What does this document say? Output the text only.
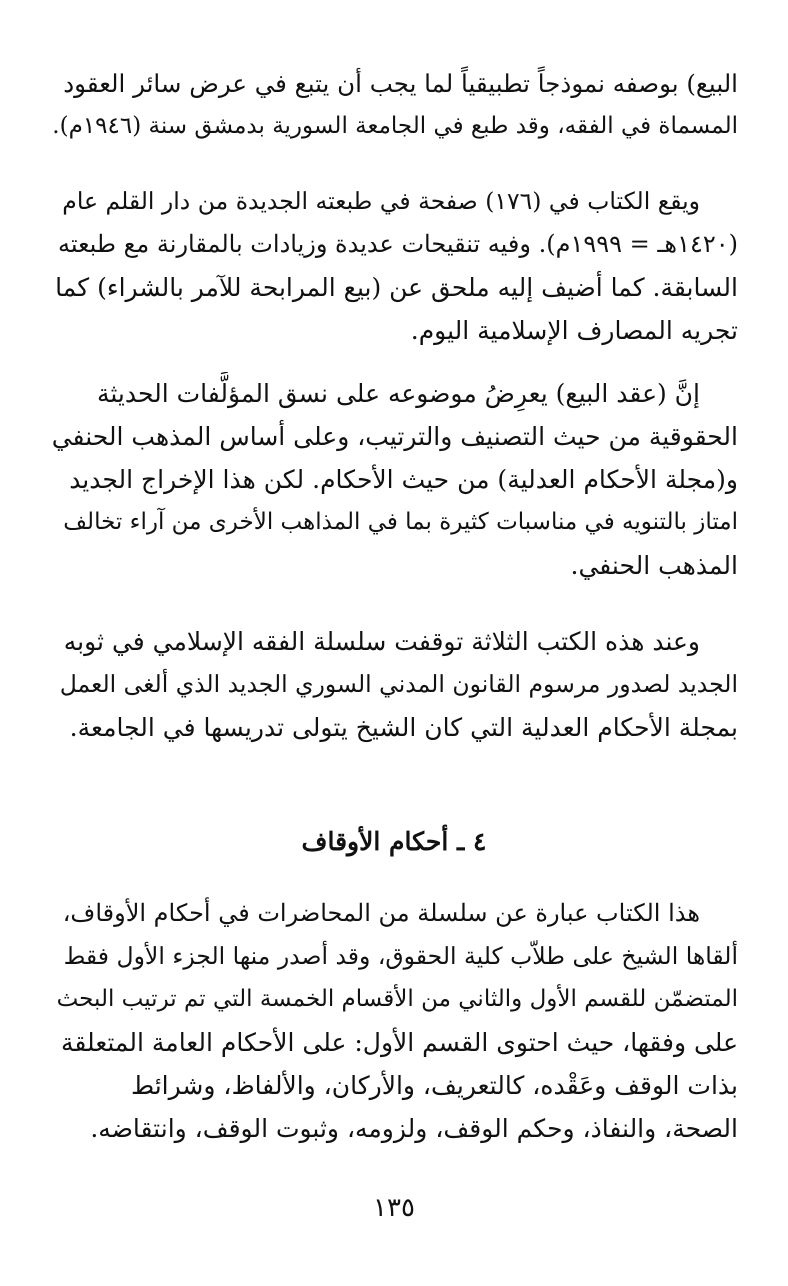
البيع) بوصفه نموذجاً تطبيقياً لما يجب أن يتبع في عرض سائر العقود
المسماة في الفقه، وقد طبع في الجامعة السورية بدمشق سنة (١٩٤٦م).
ويقع الكتاب في (١٧٦) صفحة في طبعته الجديدة من دار القلم عام
(١٤٢٠هـ = ١٩٩٩م). وفيه تنقيحات عديدة وزيادات بالمقارنة مع طبعته
السابقة. كما أضيف إليه ملحق عن (بيع المرابحة للآمر بالشراء) كما
تجريه المصارف الإسلامية اليوم.
إنَّ (عقد البيع) يعرِضُ موضوعه على نسق المؤلَّفات الحديثة
الحقوقية من حيث التصنيف والترتيب، وعلى أساس المذهب الحنفي
و(مجلة الأحكام العدلية) من حيث الأحكام. لكن هذا الإخراج الجديد
امتاز بالتنويه في مناسبات كثيرة بما في المذاهب الأخرى من آراء تخالف
المذهب الحنفي.
وعند هذه الكتب الثلاثة توقفت سلسلة الفقه الإسلامي في ثوبه
الجديد لصدور مرسوم القانون المدني السوري الجديد الذي ألغى العمل
بمجلة الأحكام العدلية التي كان الشيخ يتولى تدريسها في الجامعة.
٤ ـ أحكام الأوقاف
هذا الكتاب عبارة عن سلسلة من المحاضرات في أحكام الأوقاف،
ألقاها الشيخ على طلاّب كلية الحقوق، وقد أصدر منها الجزء الأول فقط
المتضمّن للقسم الأول والثاني من الأقسام الخمسة التي تم ترتيب البحث
على وفقها، حيث احتوى القسم الأول: على الأحكام العامة المتعلقة
بذات الوقف وعَقْده، كالتعريف، والأركان، والألفاظ، وشرائط
الصحة، والنفاذ، وحكم الوقف، ولزومه، وثبوت الوقف، وانتقاضه.
١٣٥
